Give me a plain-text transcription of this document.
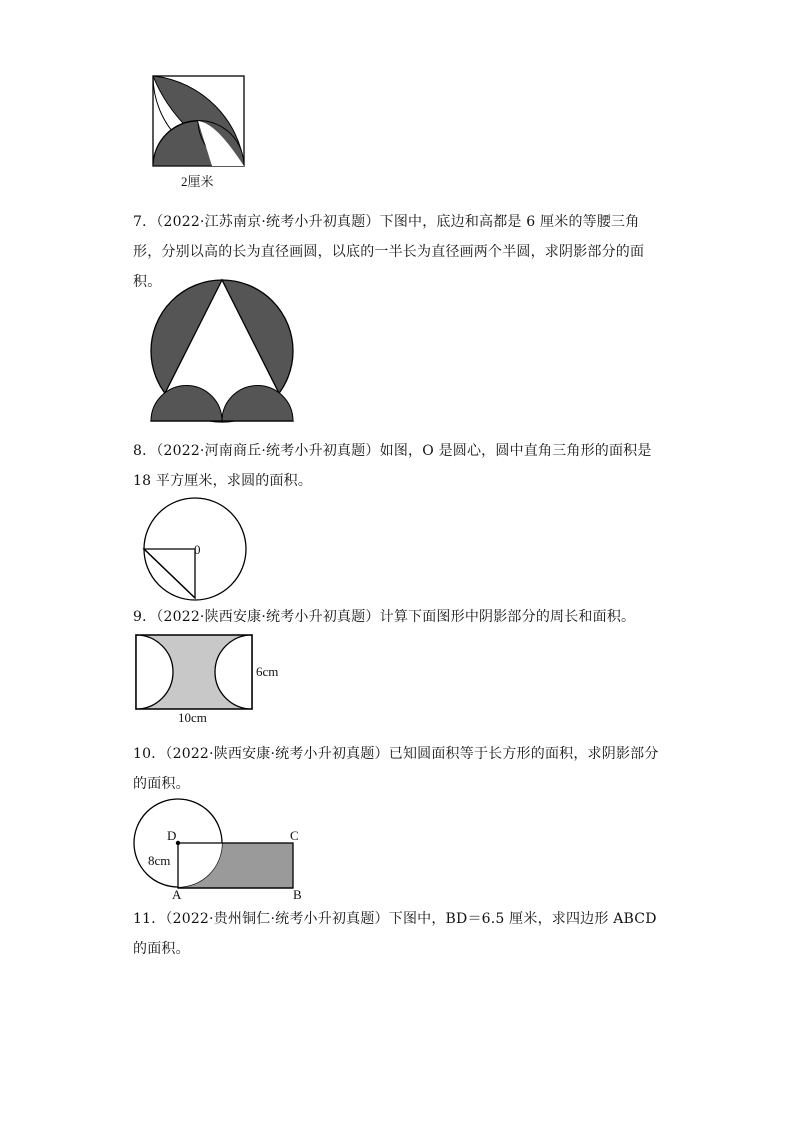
2厘米
7．（2022·江苏南京·统考小升初真题）下图中，底边和高都是 6 厘米的等腰三角形，分别以高的长为直径画圆，以底的一半长为直径画两个半圆，求阴影部分的面积。
8．（2022·河南商丘·统考小升初真题）如图，O 是圆心，圆中直角三角形的面积是 18 平方厘米，求圆的面积。
0
9．（2022·陕西安康·统考小升初真题）计算下面图形中阴影部分的周长和面积。
6cm
10cm
10．（2022·陕西安康·统考小升初真题）已知圆面积等于长方形的面积，求阴影部分的面积。
D	C
8cm
A	B
11．（2022·贵州铜仁·统考小升初真题）下图中，BD＝6.5 厘米，求四边形 ABCD 的面积。
